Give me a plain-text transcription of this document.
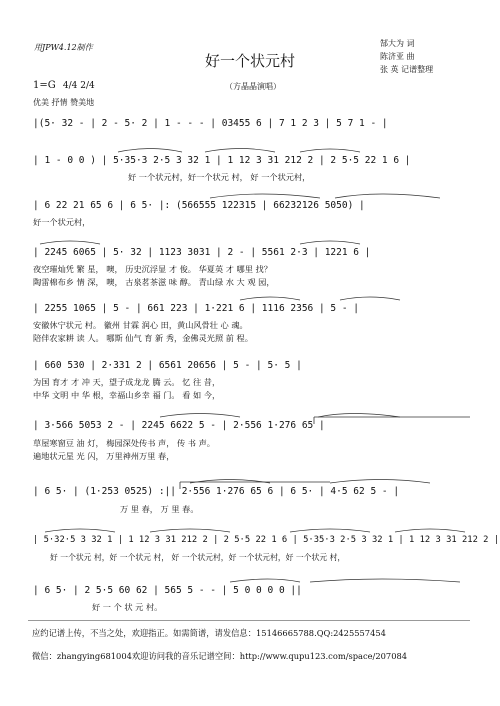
用JPW4.12制作
好一个状元村
郜大为 词
陈济亚 曲
张 英 记谱整理
1=G 4/4 2/4	（方晶晶演唱）
优美 抒情 赞美地
|(5· 32 - | 2 - 5· 2 | 1 - - - | 03455 6 | 7 1 2 3 | 5 7 1 - |
| 1 - 0 0 ) | 5·35·3 2·5 3 32 1 | 1 12 3 31 212 2 | 2 5·5 22 1 6 |
好 一个状元村，好一个状元 村， 好 一个状元村，
| 6 22 21 65 6 | 6 5· |: (566555 122315 | 66232126 5050) |
好一个状元村，
| 2245 6065 | 5· 32 | 1123 3031 | 2 - | 5561 2·3 | 1221 6 |
夜空璀灿凭 繁 星， 噢， 历史沉浮显 才 俊。 华夏英 才 哪里 找？
陶雷棉布乡 情 深， 噢， 古泉茗茶滋 味 醇。 青山绿 水 大 观 园，
| 2255 1065 | 5 - | 661 223 | 1·221 6 | 1116 2356 | 5 - |
安徽休宁状元 村。 徽州 甘霖 润心 田，黄山风骨壮 心 魂。
陪伴农家耕 读 人。 哪斯 仙气 育 新 秀，金佛灵光照 前 程。
| 660 530 | 2·331 2 | 6561 20656 | 5 - | 5· 5 |
为国 育才 才 冲 天，望子成龙龙 腾 云。 忆 往 昔，
中华 文明 中 华 根，幸福山乡幸 福 门。 看 如 今，
| 3·566 5053 2 - | 2245 6622 5 - | 2·556 1·276 65 |
草屋寒窗豆 油 灯， 梅园深处传书 声， 传 书 声。
遍地状元星 光 闪， 万里神州万里 春，
| 6 5· | (1·253 0525) :|| 2·556 1·276 65 6 | 6 5· | 4·5 62 5 - |
万 里 春， 万 里 春。
| 5·32·5 3 32 1 | 1 12 3 31 212 2 | 2 5·5 22 1 6 | 5·35·3 2·5 3 32 1 | 1 12 3 31 212 2 |
好 一个状元 村，好 一个状元 村， 好 一个状元村，好 一个状元村，好 一个状元 村，
| 6 5· | 2 5·5 60 62 | 565 5 - - | 5 0 0 0 0 ||
好 一 个 状 元 村。
应约记谱上传，不当之处，欢迎指正。如需简谱，请发信息：15146665788.QQ:2425557454
微信：zhangying681004欢迎访问我的音乐记谱空间：http://www.qupu123.com/space/207084
